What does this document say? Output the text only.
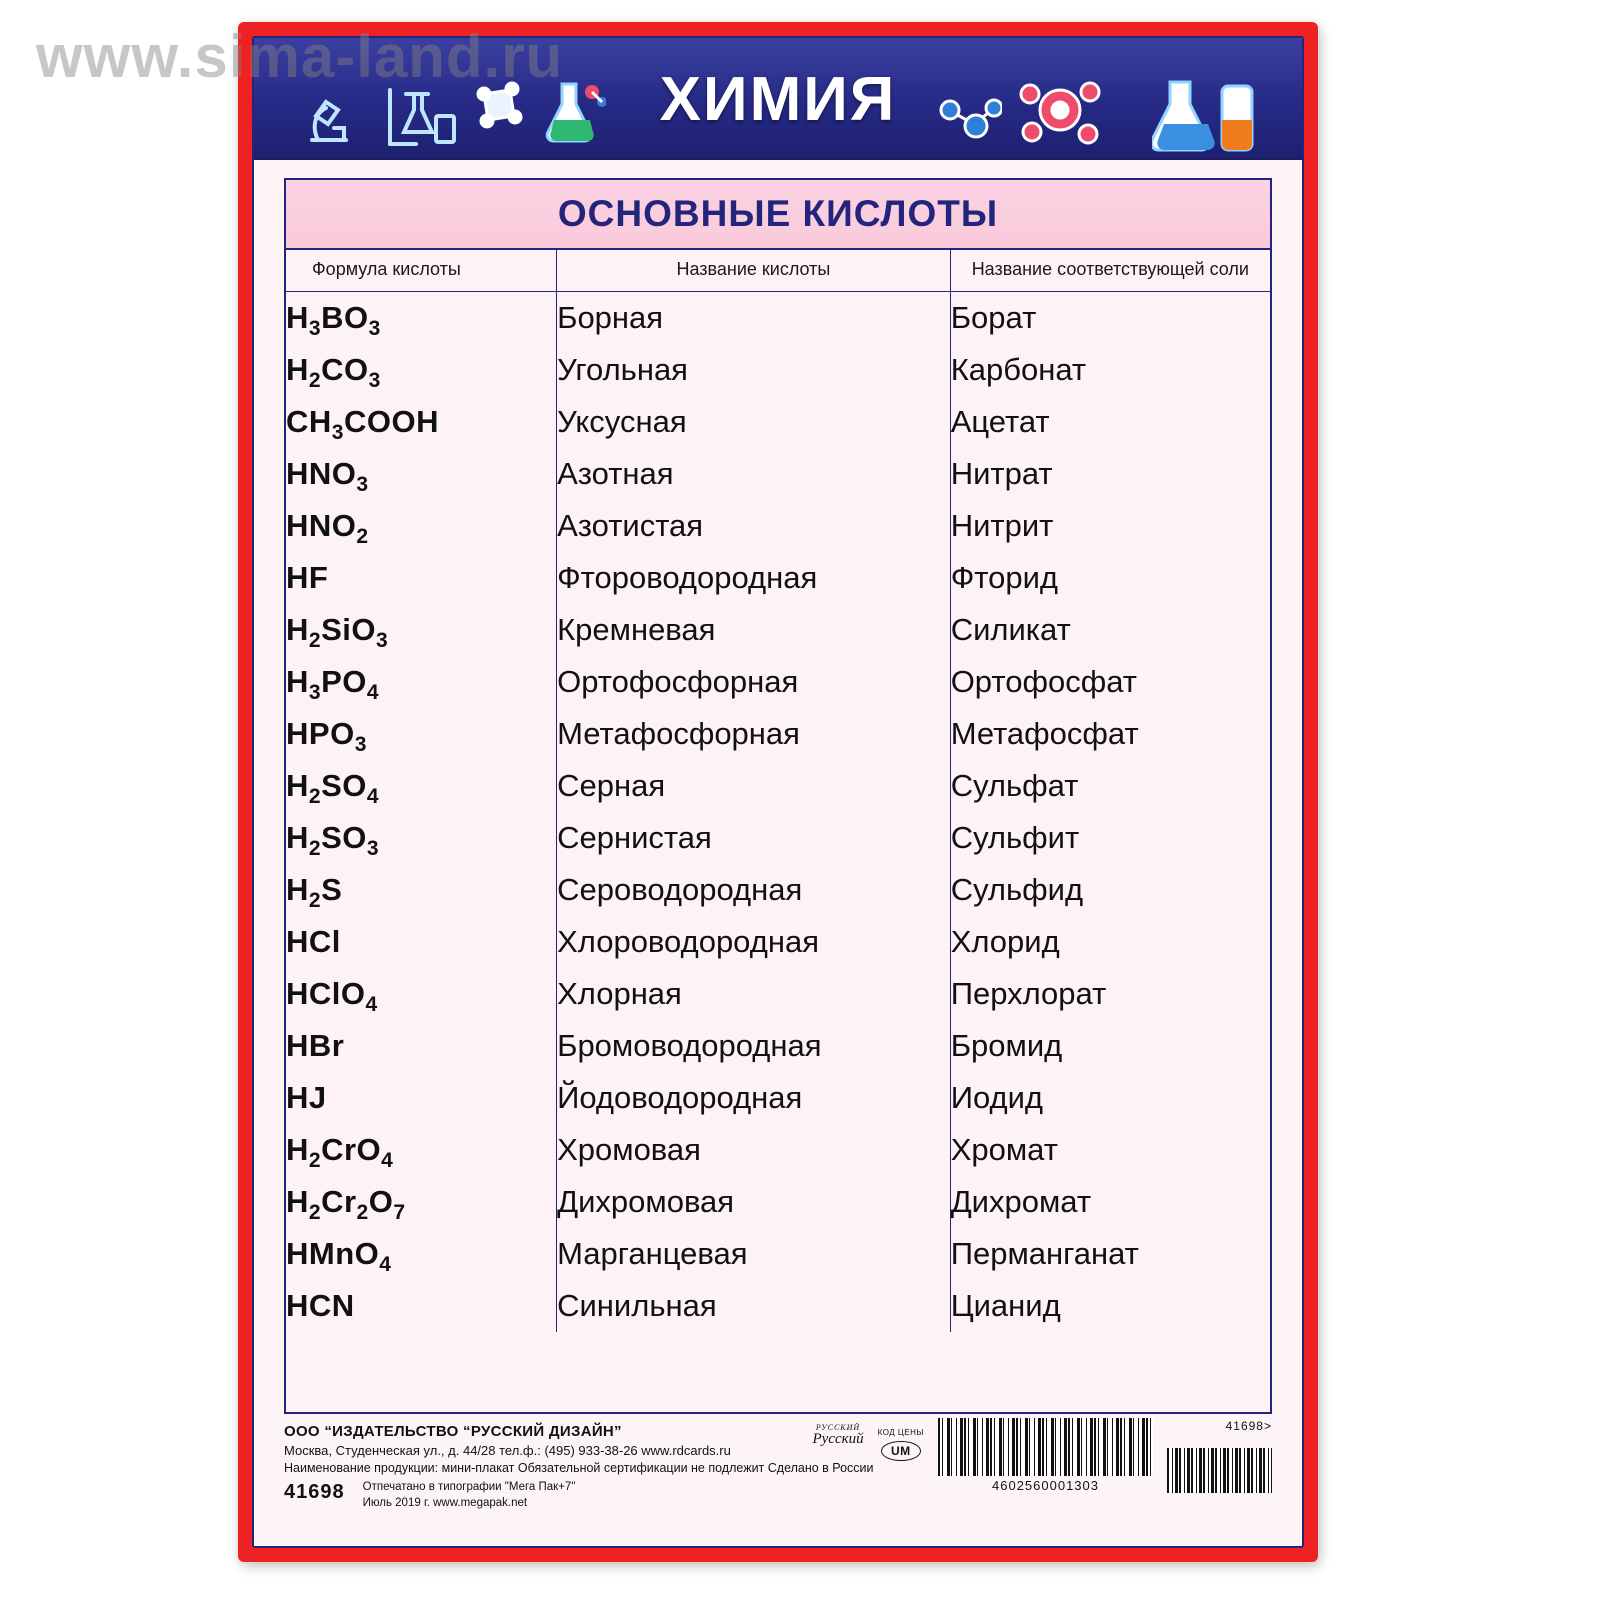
www.sima-land.ru
ХИМИЯ
ОСНОВНЫЕ КИСЛОТЫ
Формула кислоты	Название кислоты	Название соответствующей соли
$H_3BO_3$	Борная	Борат
$H_2CO_3$	Угольная	Карбонат
$CH_3COOH$	Уксусная	Ацетат
$HNO_3$	Азотная	Нитрат
$HNO_2$	Азотистая	Нитрит
HF	Фтороводородная	Фторид
$H_2SiO_3$	Кремневая	Силикат
$H_3PO_4$	Ортофосфорная	Ортофосфат
$HPO_3$	Метафосфорная	Метафосфат
$H_2SO_4$	Серная	Сульфат
$H_2SO_3$	Сернистая	Сульфит
$H_2S$	Сероводородная	Сульфид
HCl	Хлороводородная	Хлорид
HClO$_4$	Хлорная	Перхлорат
HBr	Бромоводородная	Бромид
HJ	Йодоводородная	Иодид
$H_2CrO_4$	Хромовая	Хромат
$H_2Cr_2O_7$	Дихромовая	Дихромат
HMnO$_4$	Марганцевая	Перманганат
HCN	Синильная	Цианид
ООО “ИЗДАТЕЛЬСТВО “РУССКИЙ ДИЗАЙН”
Москва, Студенческая ул., д. 44/28 тел.ф.: (495) 933-38-26 www.rdcards.ru
Наименование продукции: мини-плакат Обязательной сертификации не подлежит Сделано в России
41698 Отпечатано в типографии "Мега Пак+7"
Июль 2019 г. www.megapak.net
РУССКИЙ
Русский КОД ЦЕНЫ
UM
4602560001303
41698>
